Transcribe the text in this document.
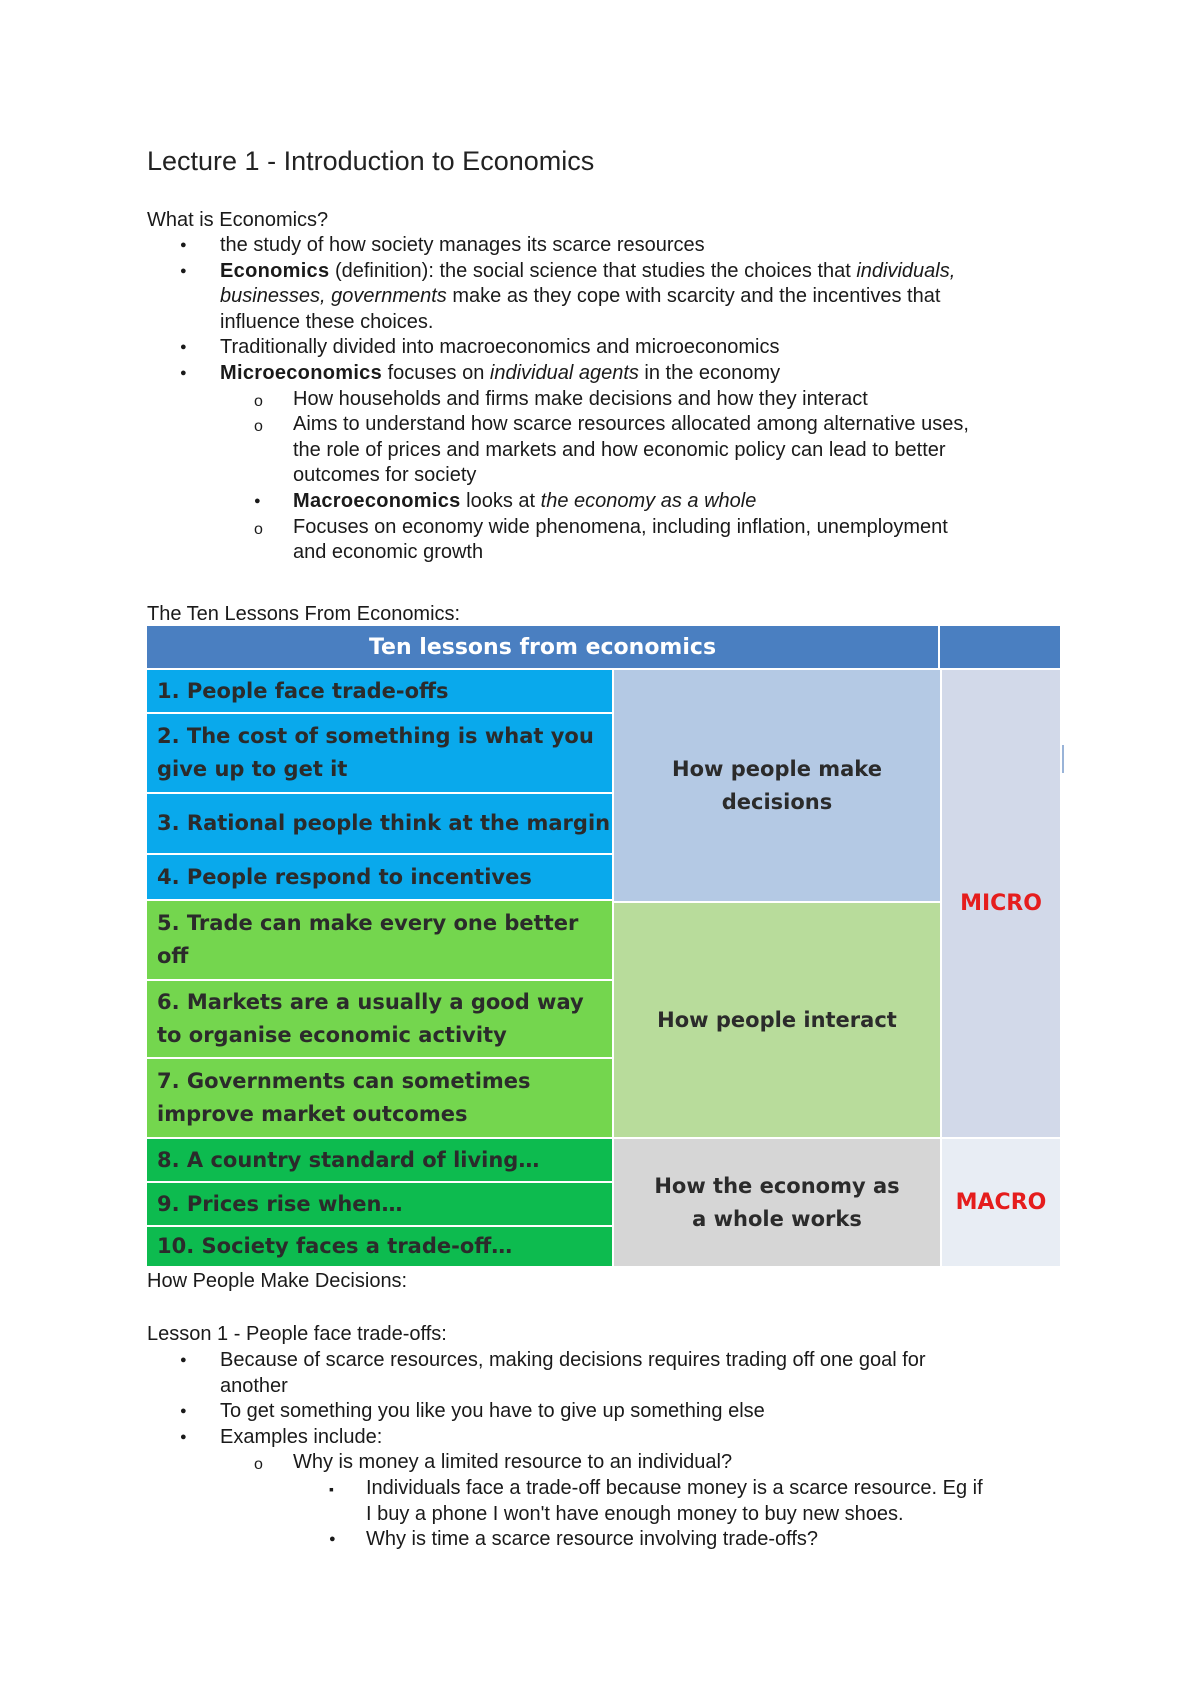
Lecture 1 - Introduction to Economics
What is Economics?
the study of how society manages its scarce resources
Economics (definition): the social science that studies the choices that individuals,
businesses, governments make as they cope with scarcity and the incentives that
influence these choices.
Traditionally divided into macroeconomics and microeconomics
Microeconomics focuses on individual agents in the economy
How households and firms make decisions and how they interact
Aims to understand how scarce resources allocated among alternative uses,
the role of prices and markets and how economic policy can lead to better
outcomes for society
Macroeconomics looks at the economy as a whole
Focuses on economy wide phenomena, including inflation, unemployment
and economic growth
The Ten Lessons From Economics:
Ten lessons from economics
1. People face trade-offs
2. The cost of something is what you give up to get it
3. Rational people think at the margin
4. People respond to incentives
5. Trade can make every one better off
6. Markets are a usually a good way to organise economic activity
7. Governments can sometimes improve market outcomes
8. A country standard of living…
9. Prices rise when…
10. Society faces a trade-off…
How people make decisions
How people interact
How the economy as a whole works
MICRO
MACRO
How People Make Decisions:
Lesson 1 - People face trade-offs:
Because of scarce resources, making decisions requires trading off one goal for
another
To get something you like you have to give up something else
Examples include:
Why is money a limited resource to an individual?
Individuals face a trade-off because money is a scarce resource. Eg if
I buy a phone I won't have enough money to buy new shoes.
Why is time a scarce resource involving trade-offs?
